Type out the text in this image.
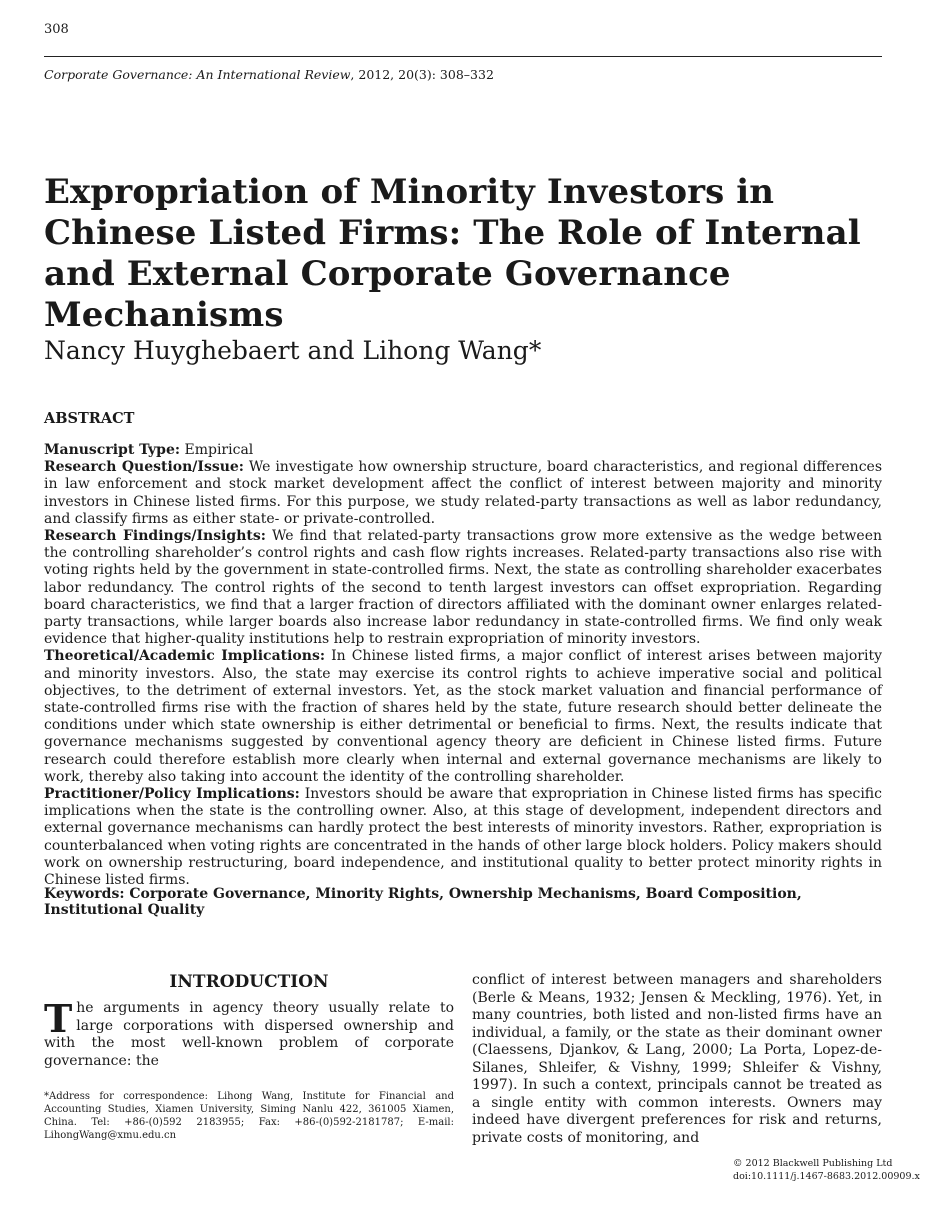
308
Corporate Governance: An International Review, 2012, 20(3): 308–332
Expropriation of Minority Investors in Chinese Listed Firms: The Role of Internal and External Corporate Governance Mechanisms
Nancy Huyghebaert and Lihong Wang*
ABSTRACT

Manuscript Type: Empirical

Research Question/Issue: We investigate how ownership structure, board characteristics, and regional differences in law enforcement and stock market development affect the conflict of interest between majority and minority investors in Chinese listed firms. For this purpose, we study related-party transactions as well as labor redundancy, and classify firms as either state- or private-controlled.

Research Findings/Insights: We find that related-party transactions grow more extensive as the wedge between the controlling shareholder’s control rights and cash flow rights increases. Related-party transactions also rise with voting rights held by the government in state-controlled firms. Next, the state as controlling shareholder exacerbates labor redundancy. The control rights of the second to tenth largest investors can offset expropriation. Regarding board characteristics, we find that a larger fraction of directors affiliated with the dominant owner enlarges related-party transactions, while larger boards also increase labor redundancy in state-controlled firms. We find only weak evidence that higher-quality institutions help to restrain expropriation of minority investors.

Theoretical/Academic Implications: In Chinese listed firms, a major conflict of interest arises between majority and minority investors. Also, the state may exercise its control rights to achieve imperative social and political objectives, to the detriment of external investors. Yet, as the stock market valuation and financial performance of state-controlled firms rise with the fraction of shares held by the state, future research should better delineate the conditions under which state ownership is either detrimental or beneficial to firms. Next, the results indicate that governance mechanisms suggested by conventional agency theory are deficient in Chinese listed firms. Future research could therefore establish more clearly when internal and external governance mechanisms are likely to work, thereby also taking into account the identity of the controlling shareholder.

Practitioner/Policy Implications: Investors should be aware that expropriation in Chinese listed firms has specific implications when the state is the controlling owner. Also, at this stage of development, independent directors and external governance mechanisms can hardly protect the best interests of minority investors. Rather, expropriation is counterbalanced when voting rights are concentrated in the hands of other large block holders. Policy makers should work on ownership restructuring, board independence, and institutional quality to better protect minority rights in Chinese listed firms.

Keywords: Corporate Governance, Minority Rights, Ownership Mechanisms, Board Composition, Institutional Quality
INTRODUCTION

The arguments in agency theory usually relate to large corporations with dispersed ownership and with the most well-known problem of corporate governance: the

*Address for correspondence: Lihong Wang, Institute for Financial and Accounting Studies, Xiamen University, Siming Nanlu 422, 361005 Xiamen, China. Tel: +86-(0)592 2183955; Fax: +86-(0)592-2181787; E-mail: LihongWang@xmu.edu.cn

conflict of interest between managers and shareholders (Berle & Means, 1932; Jensen & Meckling, 1976). Yet, in many countries, both listed and non-listed firms have an individual, a family, or the state as their dominant owner (Claessens, Djankov, & Lang, 2000; La Porta, Lopez-de-Silanes, Shleifer, & Vishny, 1999; Shleifer & Vishny, 1997). In such a context, principals cannot be treated as a single entity with common interests. Owners may indeed have divergent preferences for risk and returns, private costs of monitoring, and

© 2012 Blackwell Publishing Ltd
doi:10.1111/j.1467-8683.2012.00909.x
